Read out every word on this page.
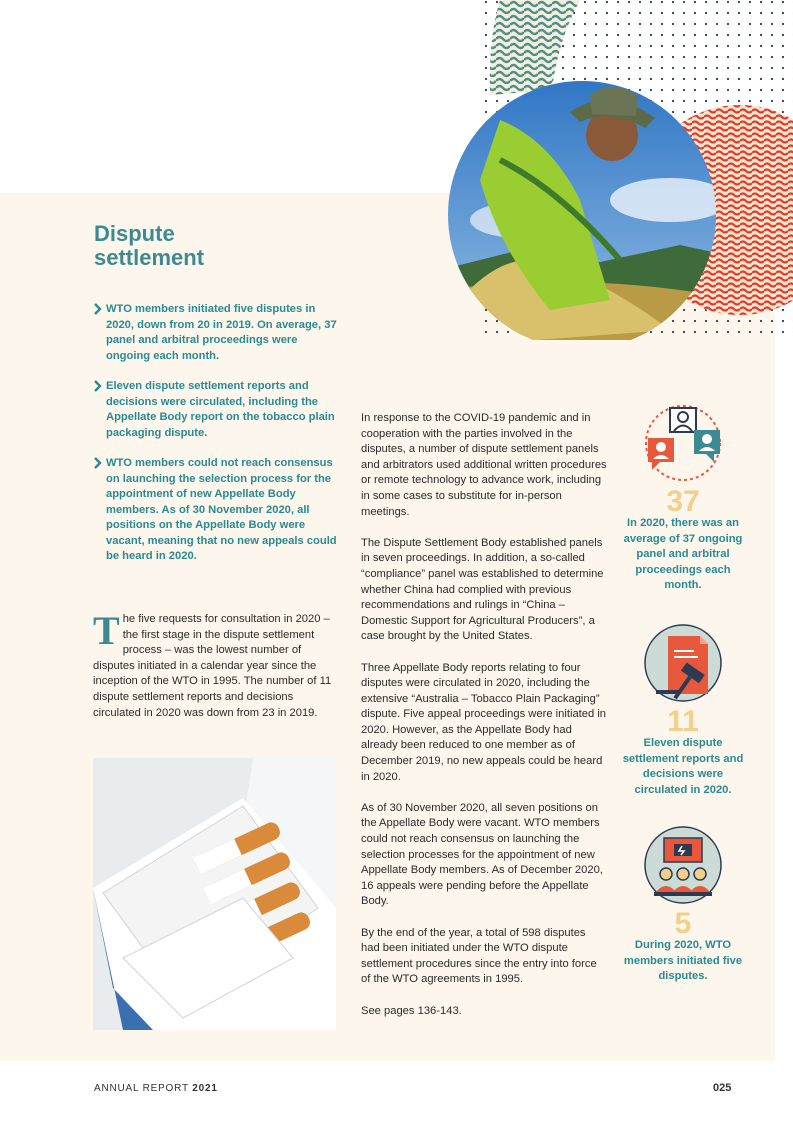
Dispute
settlement
WTO members initiated five disputes in 2020, down from 20 in 2019. On average, 37 panel and arbitral proceedings were ongoing each month.
Eleven dispute settlement reports and decisions were circulated, including the Appellate Body report on the tobacco plain packaging dispute.
WTO members could not reach consensus on launching the selection process for the appointment of new Appellate Body members. As of 30 November 2020, all positions on the Appellate Body were vacant, meaning that no new appeals could be heard in 2020.

The five requests for consultation in 2020 – the first stage in the dispute settlement process – was the lowest number of disputes initiated in a calendar year since the inception of the WTO in 1995. The number of 11 dispute settlement reports and decisions circulated in 2020 was down from 23 in 2019.

In response to the COVID-19 pandemic and in cooperation with the parties involved in the disputes, a number of dispute settlement panels and arbitrators used additional written procedures or remote technology to advance work, including in some cases to substitute for in-person meetings.

The Dispute Settlement Body established panels in seven proceedings. In addition, a so-called “compliance” panel was established to determine whether China had complied with previous recommendations and rulings in “China – Domestic Support for Agricultural Producers”, a case brought by the United States.

Three Appellate Body reports relating to four disputes were circulated in 2020, including the extensive “Australia – Tobacco Plain Packaging” dispute. Five appeal proceedings were initiated in 2020. However, as the Appellate Body had already been reduced to one member as of December 2019, no new appeals could be heard in 2020.

As of 30 November 2020, all seven positions on the Appellate Body were vacant. WTO members could not reach consensus on launching the selection processes for the appointment of new Appellate Body members. As of December 2020, 16 appeals were pending before the Appellate Body.

By the end of the year, a total of 598 disputes had been initiated under the WTO dispute settlement procedures since the entry into force of the WTO agreements in 1995.

See pages 136-143.

37
In 2020, there was an average of 37 ongoing panel and arbitral proceedings each month.
11
Eleven dispute settlement reports and decisions were circulated in 2020.
5
During 2020, WTO members initiated five disputes.
ANNUAL REPORT 2021	025
